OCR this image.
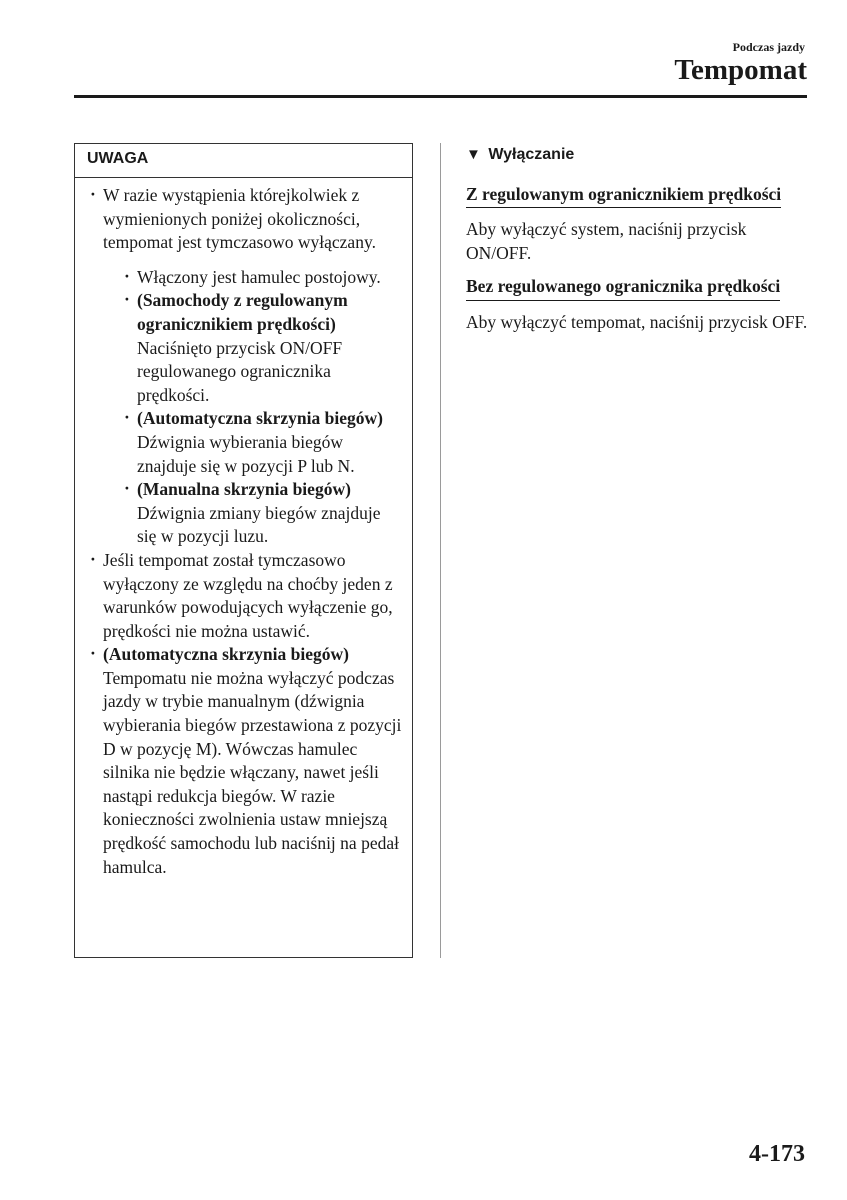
Podczas jazdy
Tempomat
UWAGA
· W razie wystąpienia którejkolwiek z wymienionych poniżej okoliczności, tempomat jest tymczasowo wyłączany.
· Włączony jest hamulec postojowy.
· (Samochody z regulowanym ogranicznikiem prędkości) Naciśnięto przycisk ON/OFF regulowanego ogranicznika prędkości.
· (Automatyczna skrzynia biegów) Dźwignia wybierania biegów znajduje się w pozycji P lub N.
· (Manualna skrzynia biegów) Dźwignia zmiany biegów znajduje się w pozycji luzu.
· Jeśli tempomat został tymczasowo wyłączony ze względu na choćby jeden z warunków powodujących wyłączenie go, prędkości nie można ustawić.
· (Automatyczna skrzynia biegów) Tempomatu nie można wyłączyć podczas jazdy w trybie manualnym (dźwignia wybierania biegów przestawiona z pozycji D w pozycję M). Wówczas hamulec silnika nie będzie włączany, nawet jeśli nastąpi redukcja biegów. W razie konieczności zwolnienia ustaw mniejszą prędkość samochodu lub naciśnij na pedał hamulca.
▼ Wyłączanie

Z regulowanym ogranicznikiem prędkości

Aby wyłączyć system, naciśnij przycisk ON/OFF.

Bez regulowanego ogranicznika prędkości

Aby wyłączyć tempomat, naciśnij przycisk OFF.

4-173
